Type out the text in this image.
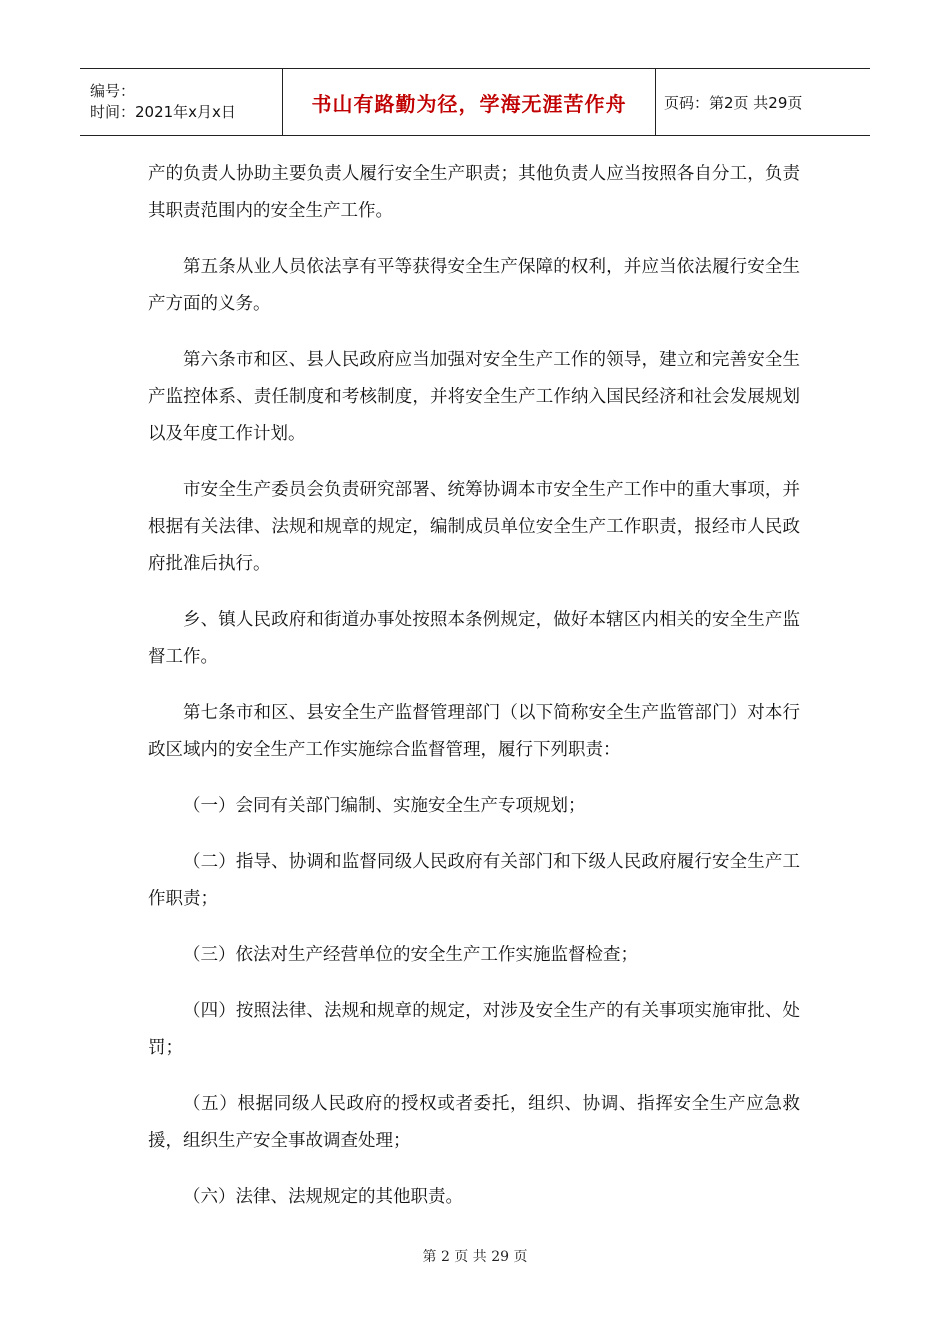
编号：
时间：2021年x月x日	书山有路勤为径，学海无涯苦作舟	页码：第2页 共29页

产的负责人协助主要负责人履行安全生产职责；其他负责人应当按照各自分工，负责其职责范围内的安全生产工作。

第五条从业人员依法享有平等获得安全生产保障的权利，并应当依法履行安全生产方面的义务。

第六条市和区、县人民政府应当加强对安全生产工作的领导，建立和完善安全生产监控体系、责任制度和考核制度，并将安全生产工作纳入国民经济和社会发展规划以及年度工作计划。

市安全生产委员会负责研究部署、统筹协调本市安全生产工作中的重大事项，并根据有关法律、法规和规章的规定，编制成员单位安全生产工作职责，报经市人民政府批准后执行。

乡、镇人民政府和街道办事处按照本条例规定，做好本辖区内相关的安全生产监督工作。

第七条市和区、县安全生产监督管理部门（以下简称安全生产监管部门）对本行政区域内的安全生产工作实施综合监督管理，履行下列职责：

（一）会同有关部门编制、实施安全生产专项规划；

（二）指导、协调和监督同级人民政府有关部门和下级人民政府履行安全生产工作职责；

（三）依法对生产经营单位的安全生产工作实施监督检查；

（四）按照法律、法规和规章的规定，对涉及安全生产的有关事项实施审批、处罚；

（五）根据同级人民政府的授权或者委托，组织、协调、指挥安全生产应急救援，组织生产安全事故调查处理；

（六）法律、法规规定的其他职责。

第 2 页 共 29 页
